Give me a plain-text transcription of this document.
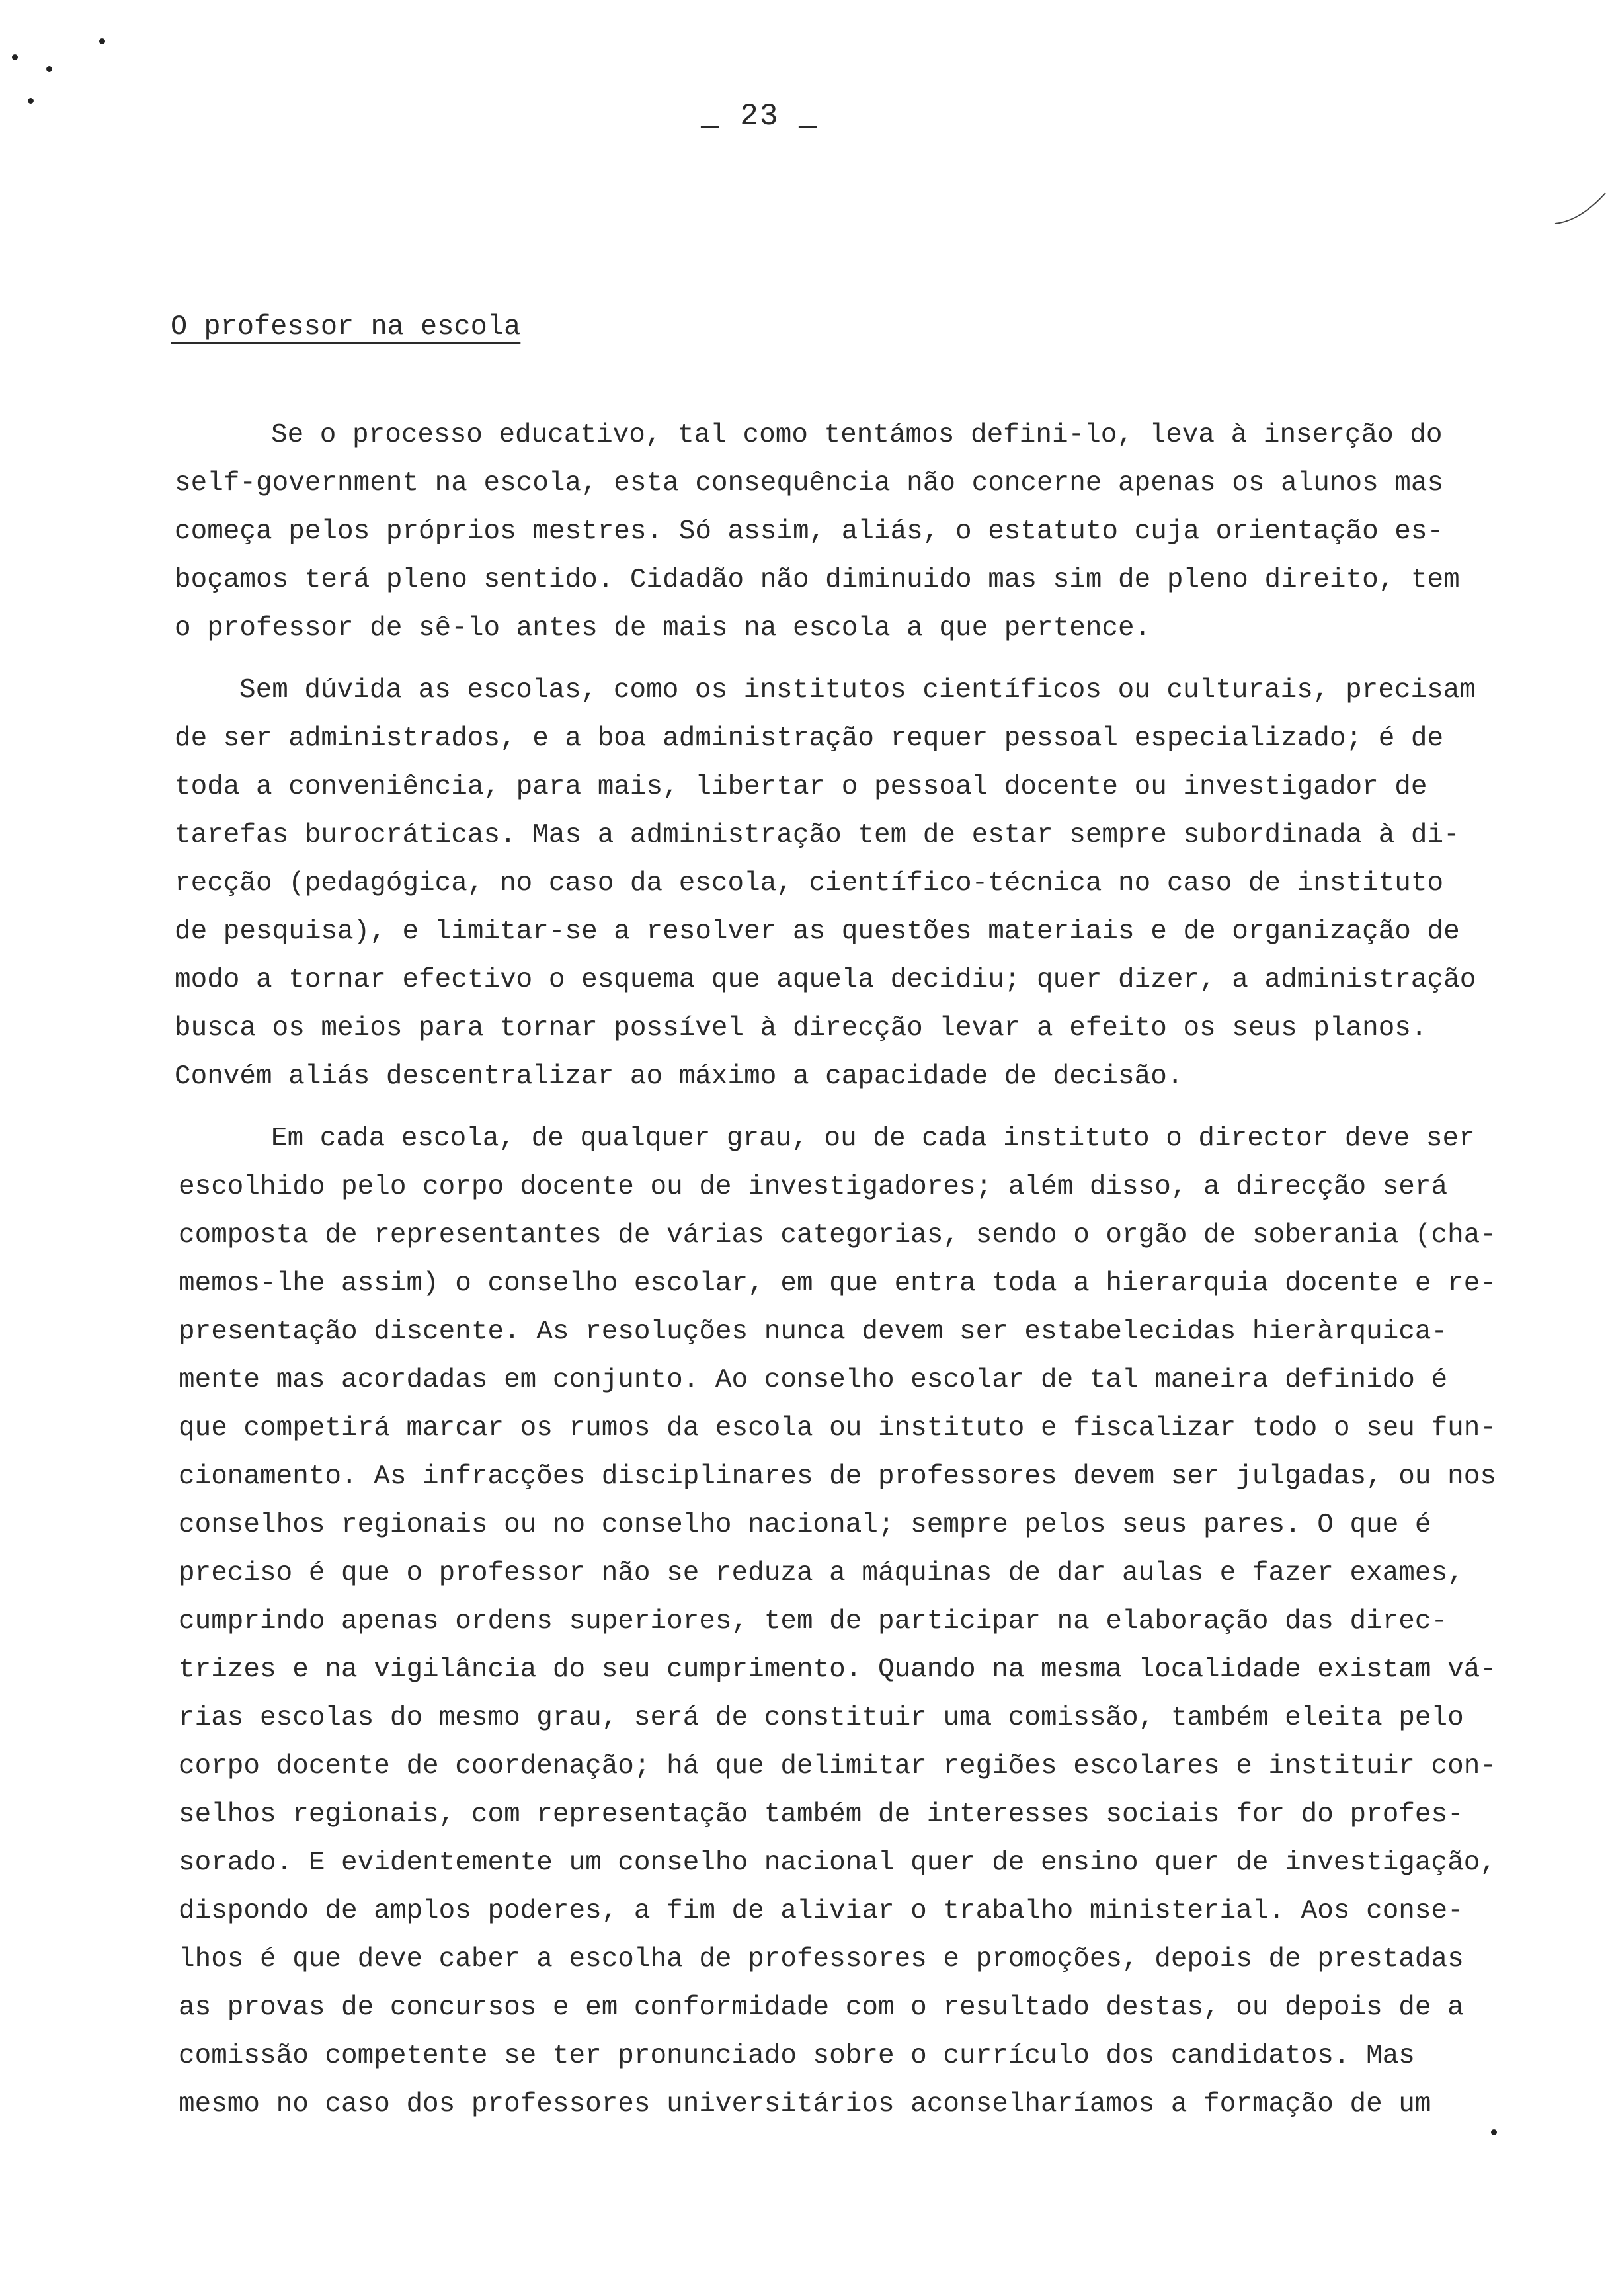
_ 23 _
O professor na escola
Se o processo educativo, tal como tentámos defini-lo, leva à inserção do
self-government na escola, esta consequência não concerne apenas os alunos mas
começa pelos próprios mestres. Só assim, aliás, o estatuto cuja orientação es-
boçamos terá pleno sentido. Cidadão não diminuido mas sim de pleno direito, tem
o professor de sê-lo antes de mais na escola a que pertence.
Sem dúvida as escolas, como os institutos científicos ou culturais, precisam
de ser administrados, e a boa administração requer pessoal especializado; é de
toda a conveniência, para mais, libertar o pessoal docente ou investigador de
tarefas burocráticas. Mas a administração tem de estar sempre subordinada à di-
recção (pedagógica, no caso da escola, científico-técnica no caso de instituto
de pesquisa), e limitar-se a resolver as questões materiais e de organização de
modo a tornar efectivo o esquema que aquela decidiu; quer dizer, a administração
busca os meios para tornar possível à direcção levar a efeito os seus planos.
Convém aliás descentralizar ao máximo a capacidade de decisão.
Em cada escola, de qualquer grau, ou de cada instituto o director deve ser
escolhido pelo corpo docente ou de investigadores; além disso, a direcção será
composta de representantes de várias categorias, sendo o orgão de soberania (cha-
memos-lhe assim) o conselho escolar, em que entra toda a hierarquia docente e re-
presentação discente. As resoluções nunca devem ser estabelecidas hieràrquica-
mente mas acordadas em conjunto. Ao conselho escolar de tal maneira definido é
que competirá marcar os rumos da escola ou instituto e fiscalizar todo o seu fun-
cionamento. As infracções disciplinares de professores devem ser julgadas, ou nos
conselhos regionais ou no conselho nacional; sempre pelos seus pares. O que é
preciso é que o professor não se reduza a máquinas de dar aulas e fazer exames,
cumprindo apenas ordens superiores, tem de participar na elaboração das direc-
trizes e na vigilância do seu cumprimento. Quando na mesma localidade existam vá-
rias escolas do mesmo grau, será de constituir uma comissão, também eleita pelo
corpo docente de coordenação; há que delimitar regiões escolares e instituir con-
selhos regionais, com representação também de interesses sociais for do profes-
sorado. E evidentemente um conselho nacional quer de ensino quer de investigação,
dispondo de amplos poderes, a fim de aliviar o trabalho ministerial. Aos conse-
lhos é que deve caber a escolha de professores e promoções, depois de prestadas
as provas de concursos e em conformidade com o resultado destas, ou depois de a
comissão competente se ter pronunciado sobre o currículo dos candidatos. Mas
mesmo no caso dos professores universitários aconselharíamos a formação de um
